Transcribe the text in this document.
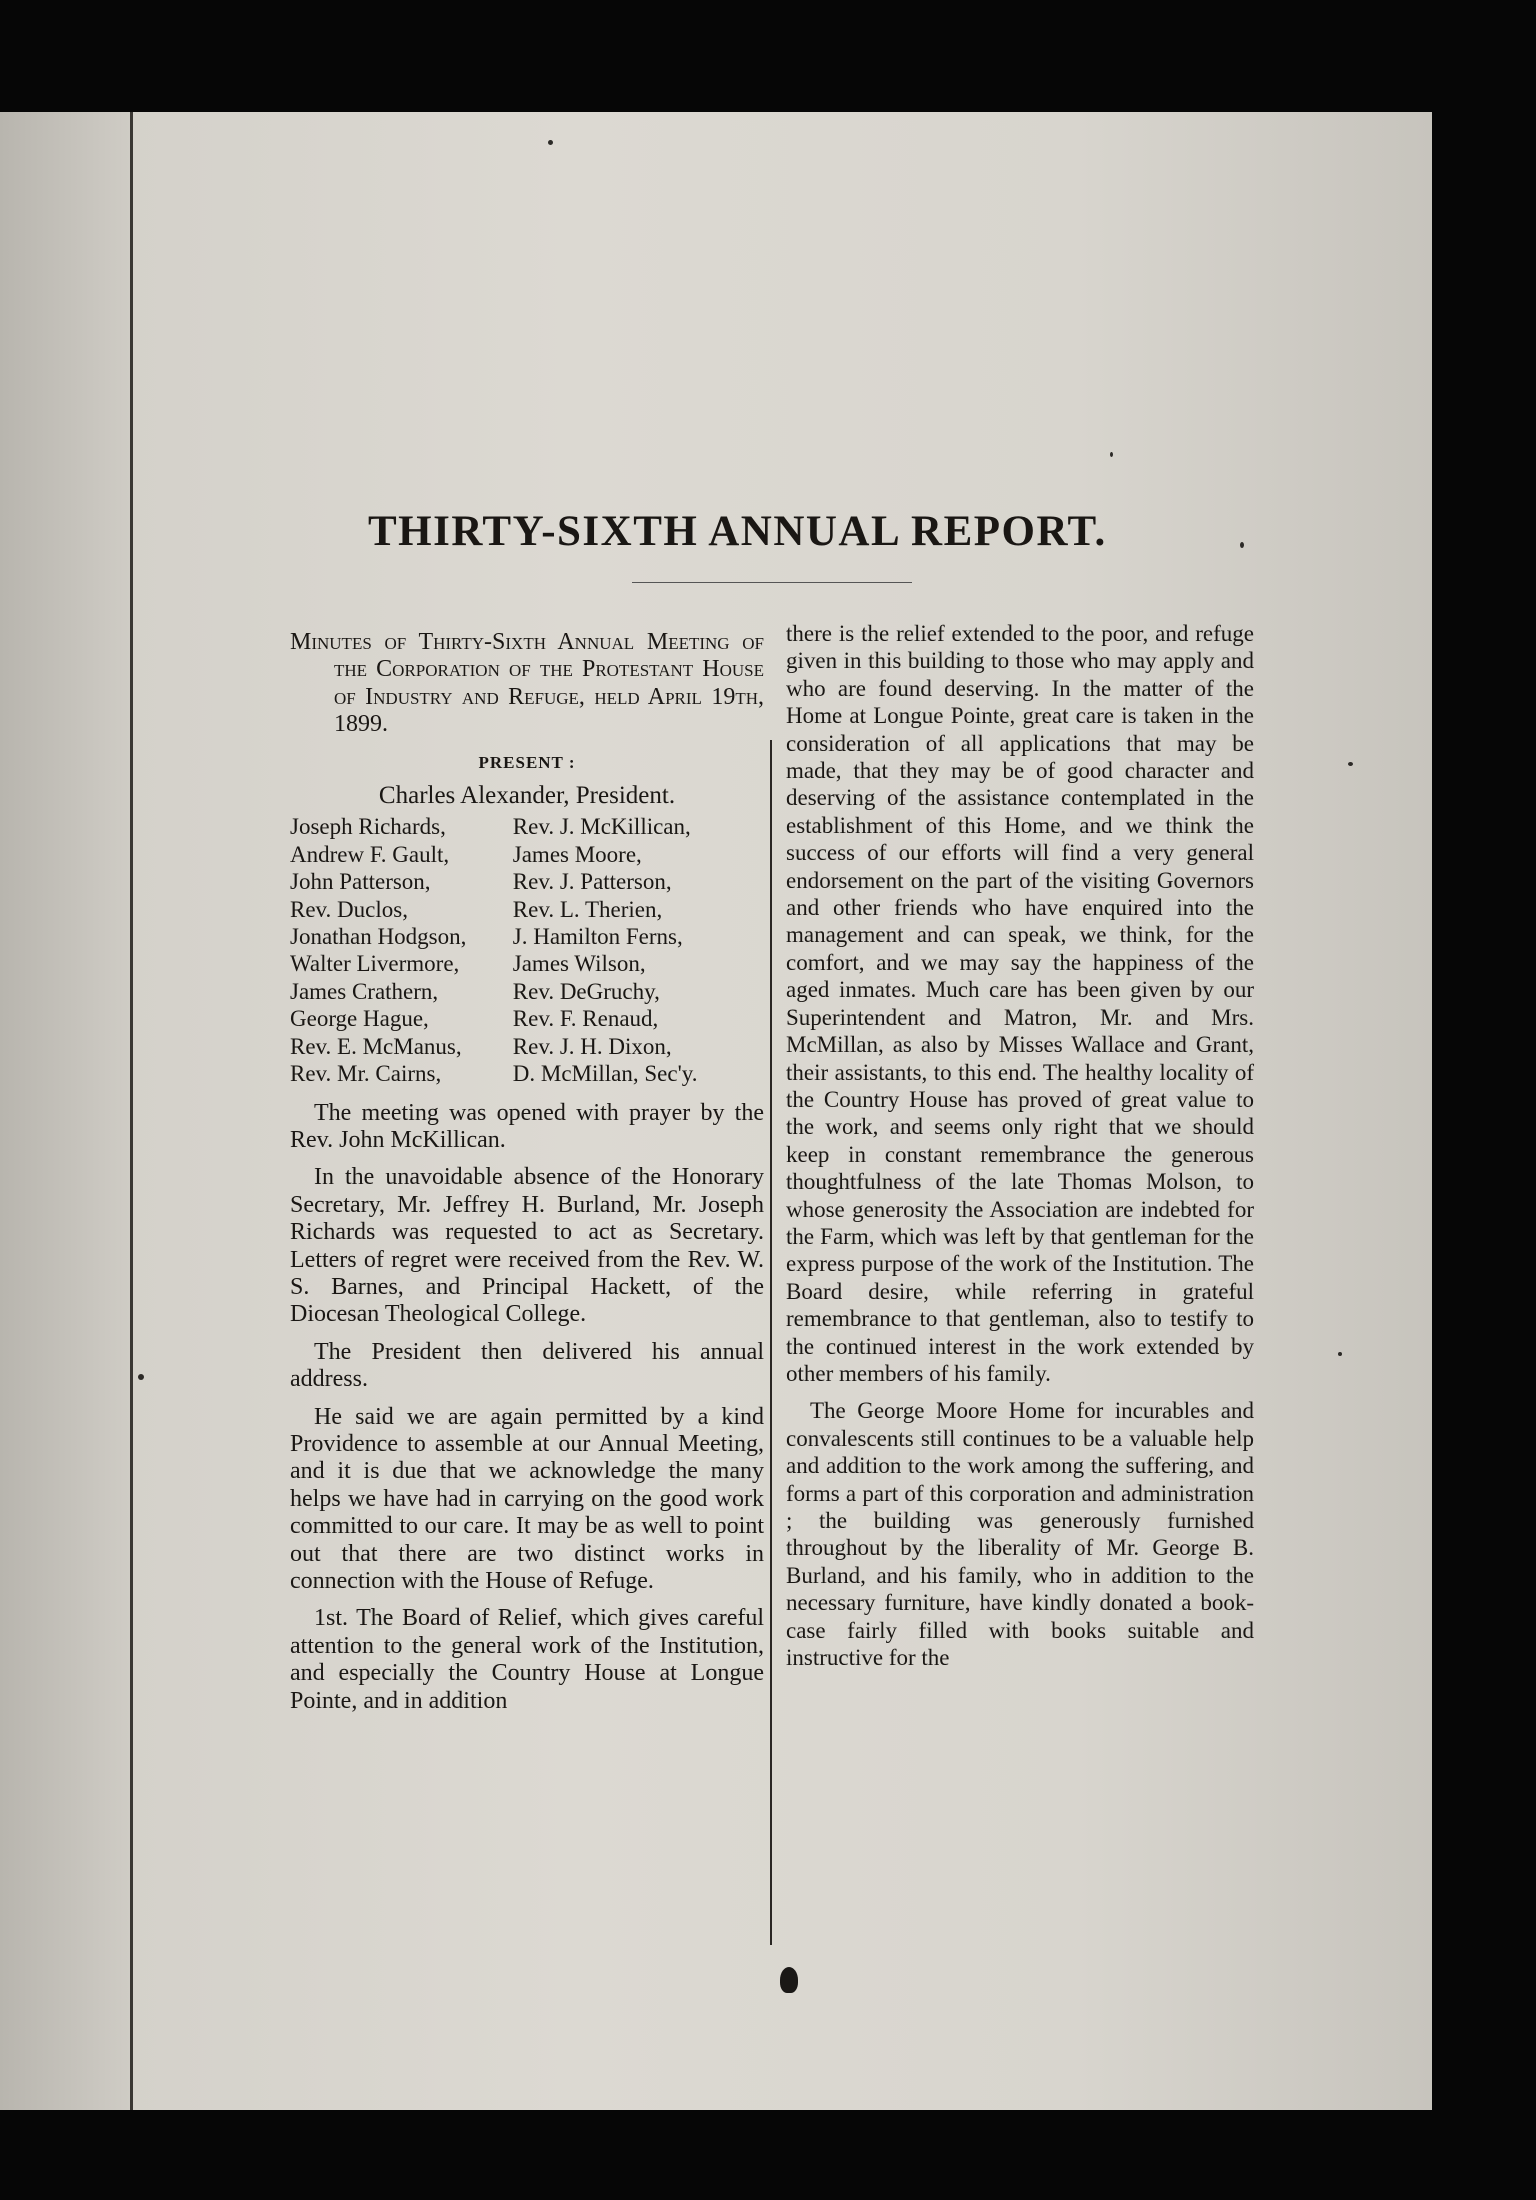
THIRTY-SIXTH ANNUAL REPORT.
Minutes of Thirty-Sixth Annual Meeting of the Corporation of the Protestant House of Industry and Refuge, held April 19th, 1899.
PRESENT :
Charles Alexander, President.
Joseph Richards,	Rev. J. McKillican,
Andrew F. Gault,	James Moore,
John Patterson,	Rev. J. Patterson,
Rev. Duclos,	Rev. L. Therien,
Jonathan Hodgson,	J. Hamilton Ferns,
Walter Livermore,	James Wilson,
James Crathern,	Rev. DeGruchy,
George Hague,	Rev. F. Renaud,
Rev. E. McManus,	Rev. J. H. Dixon,
Rev. Mr. Cairns,	D. McMillan, Sec'y.

The meeting was opened with prayer by the Rev. John McKillican.

In the unavoidable absence of the Honorary Secretary, Mr. Jeffrey H. Burland, Mr. Joseph Richards was requested to act as Secretary. Letters of regret were received from the Rev. W. S. Barnes, and Principal Hackett, of the Diocesan Theological College.

The President then delivered his annual address.

He said we are again permitted by a kind Providence to assemble at our Annual Meeting, and it is due that we acknowledge the many helps we have had in carrying on the good work committed to our care. It may be as well to point out that there are two distinct works in connection with the House of Refuge.

1st. The Board of Relief, which gives careful attention to the general work of the Institution, and especially the Country House at Longue Pointe, and in addition

there is the relief extended to the poor, and refuge given in this building to those who may apply and who are found deserving. In the matter of the Home at Longue Pointe, great care is taken in the consideration of all applications that may be made, that they may be of good character and deserving of the assistance contemplated in the establishment of this Home, and we think the success of our efforts will find a very general endorsement on the part of the visiting Governors and other friends who have enquired into the management and can speak, we think, for the comfort, and we may say the happiness of the aged inmates. Much care has been given by our Superintendent and Matron, Mr. and Mrs. McMillan, as also by Misses Wallace and Grant, their assistants, to this end. The healthy locality of the Country House has proved of great value to the work, and seems only right that we should keep in constant remembrance the generous thoughtfulness of the late Thomas Molson, to whose generosity the Association are indebted for the Farm, which was left by that gentleman for the express purpose of the work of the Institution. The Board desire, while referring in grateful remembrance to that gentleman, also to testify to the continued interest in the work extended by other members of his family.

The George Moore Home for incurables and convalescents still continues to be a valuable help and addition to the work among the suffering, and forms a part of this corporation and administration ; the building was generously furnished throughout by the liberality of Mr. George B. Burland, and his family, who in addition to the necessary furniture, have kindly donated a book-case fairly filled with books suitable and instructive for the
